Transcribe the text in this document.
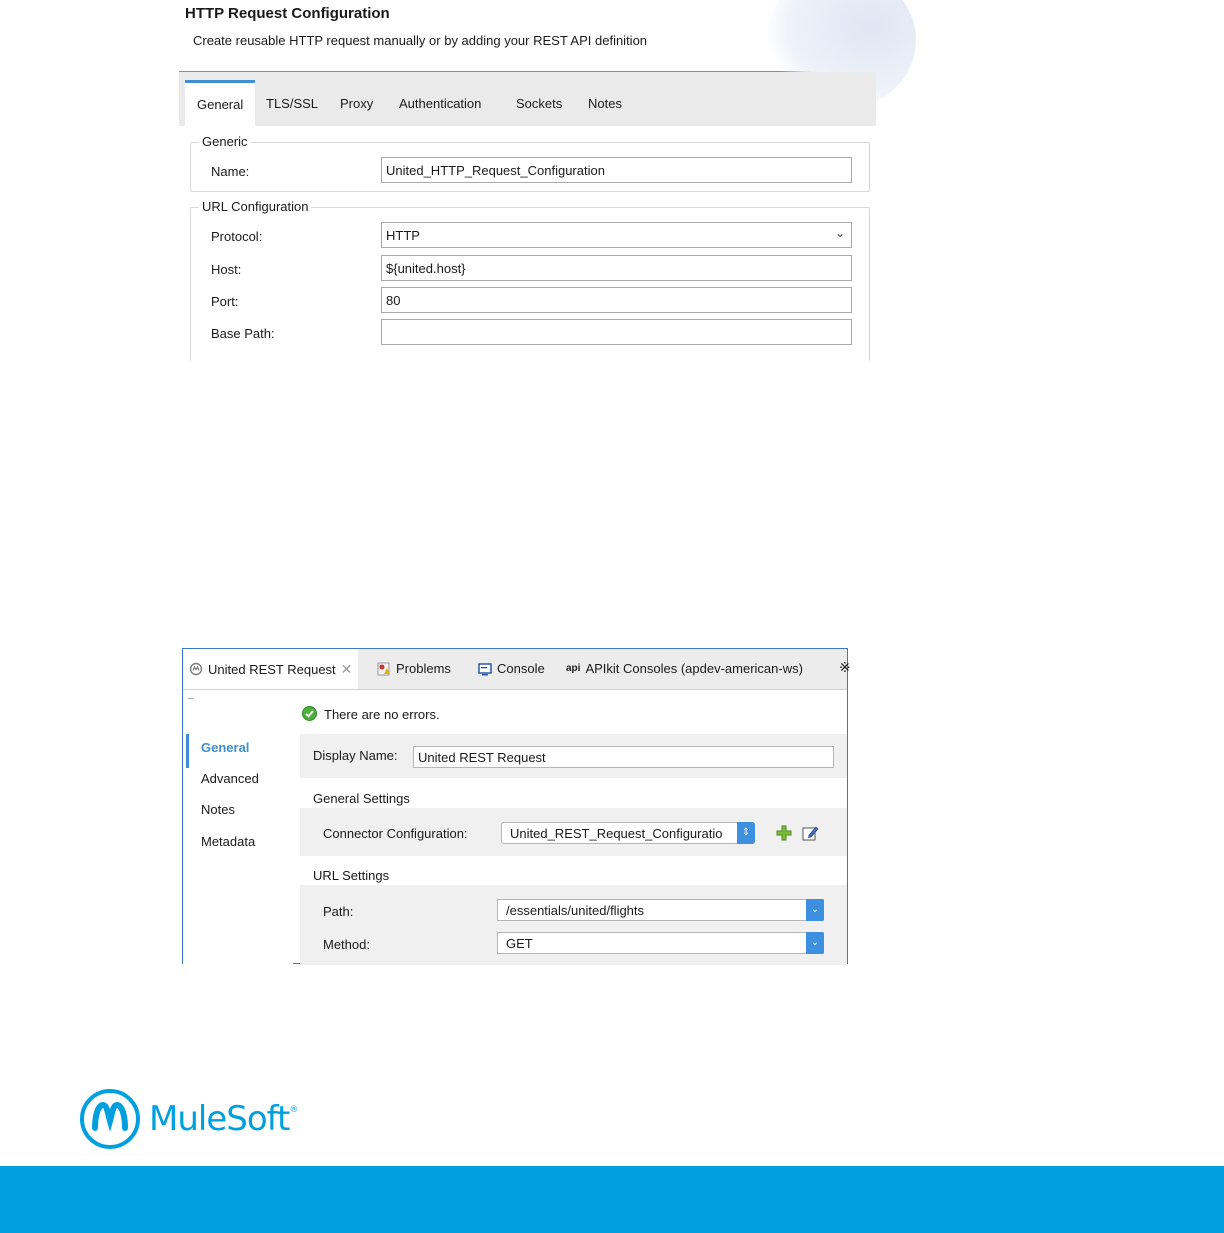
HTTP Request Configuration
Create reusable HTTP request manually or by adding your REST API definition
General	TLS/SSL Proxy Authentication	Sockets Notes
Generic
Name:	United_HTTP_Request_Configuration
URL Configuration
Protocol:	HTTP	⌄
Host:	${united.host}
Port:	80
Base Path:
United REST Request ✕	Problems	Console api APIkit Consoles (apdev-american-ws)	※
–
General
Advanced
Notes
Metadata
There are no errors.
Display Name:	United REST Request
General Settings
Connector Configuration:	United_REST_Request_Configuratio	⇕
URL Settings
Path:	/essentials/united/flights	⌄
Method:	GET	⌄
MuleSoft®
